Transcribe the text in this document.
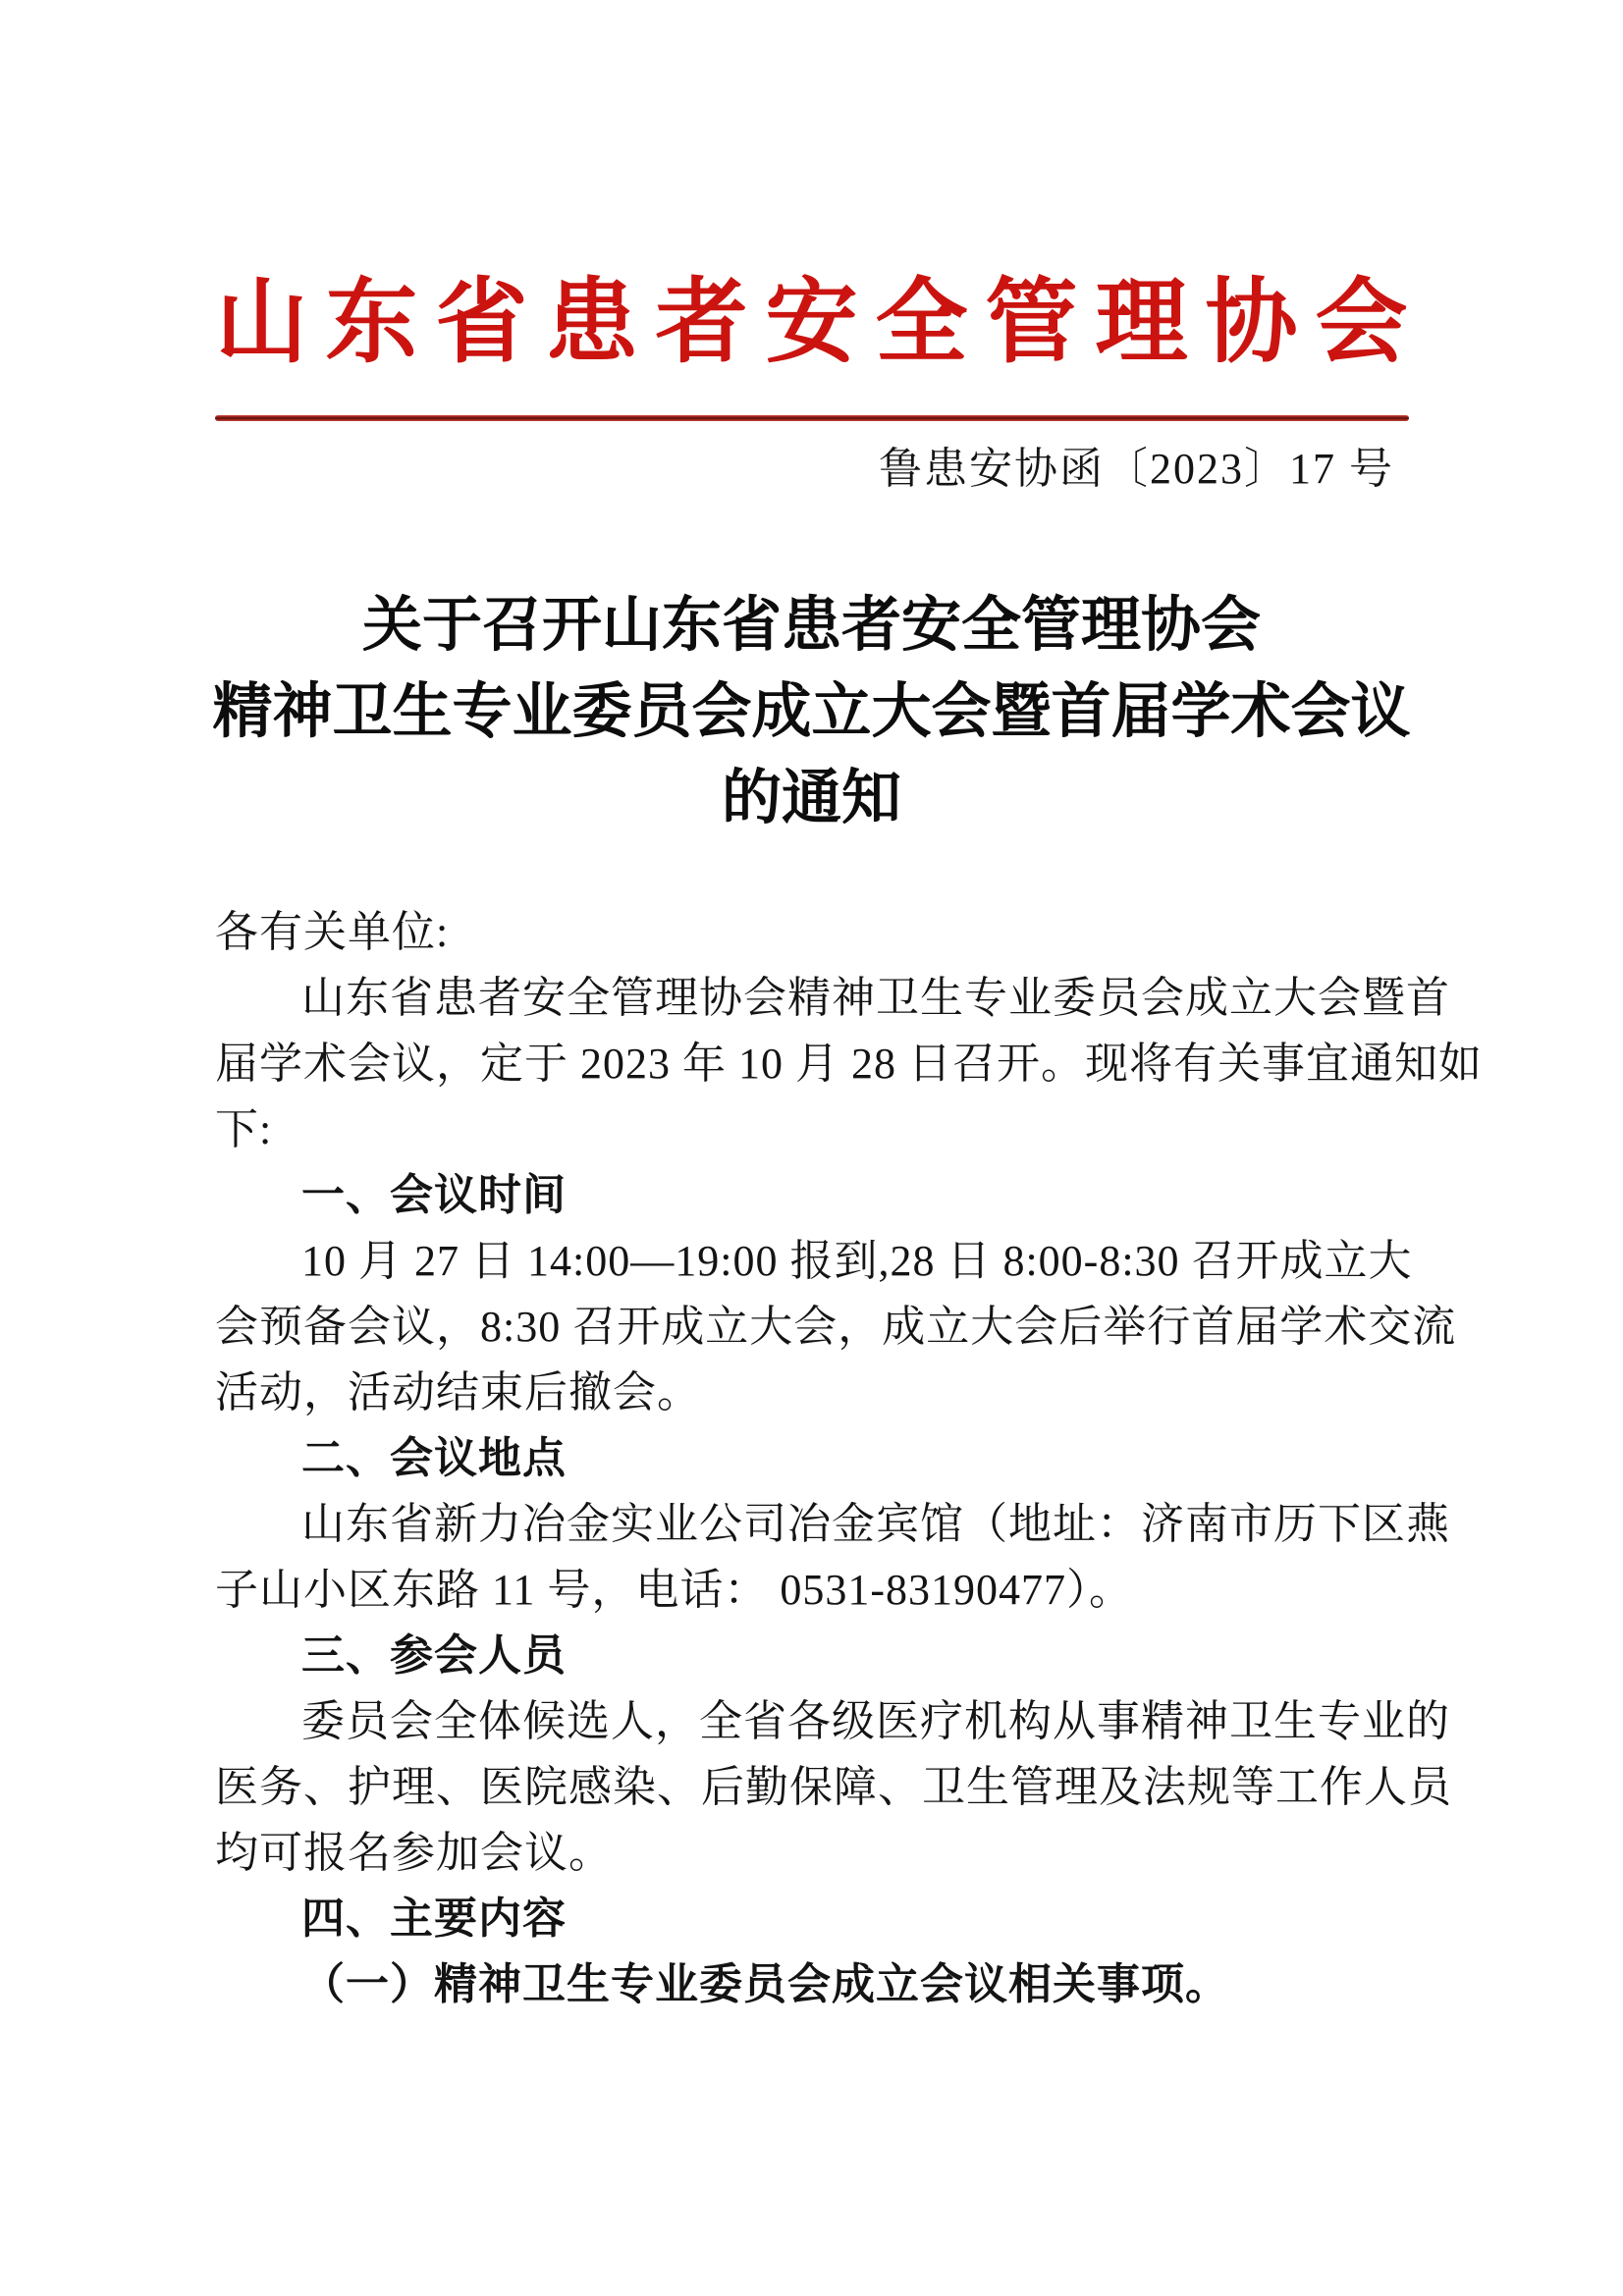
山东省患者安全管理协会
鲁患安协函〔2023〕17 号
关于召开山东省患者安全管理协会
精神卫生专业委员会成立大会暨首届学术会议
的通知
各有关单位:
山东省患者安全管理协会精神卫生专业委员会成立大会暨首
届学术会议，定于 2023 年 10 月 28 日召开。现将有关事宜通知如
下:
一、会议时间
10 月 27 日 14:00—19:00 报到,28 日 8:00-8:30 召开成立大
会预备会议，8:30 召开成立大会，成立大会后举行首届学术交流
活动，活动结束后撤会。
二、会议地点
山东省新力冶金实业公司冶金宾馆（地址：济南市历下区燕
子山小区东路 11 号，电话： 0531-83190477）。
三、参会人员
委员会全体候选人，全省各级医疗机构从事精神卫生专业的
医务、护理、医院感染、后勤保障、卫生管理及法规等工作人员
均可报名参加会议。
四、主要内容
（一）精神卫生专业委员会成立会议相关事项。
